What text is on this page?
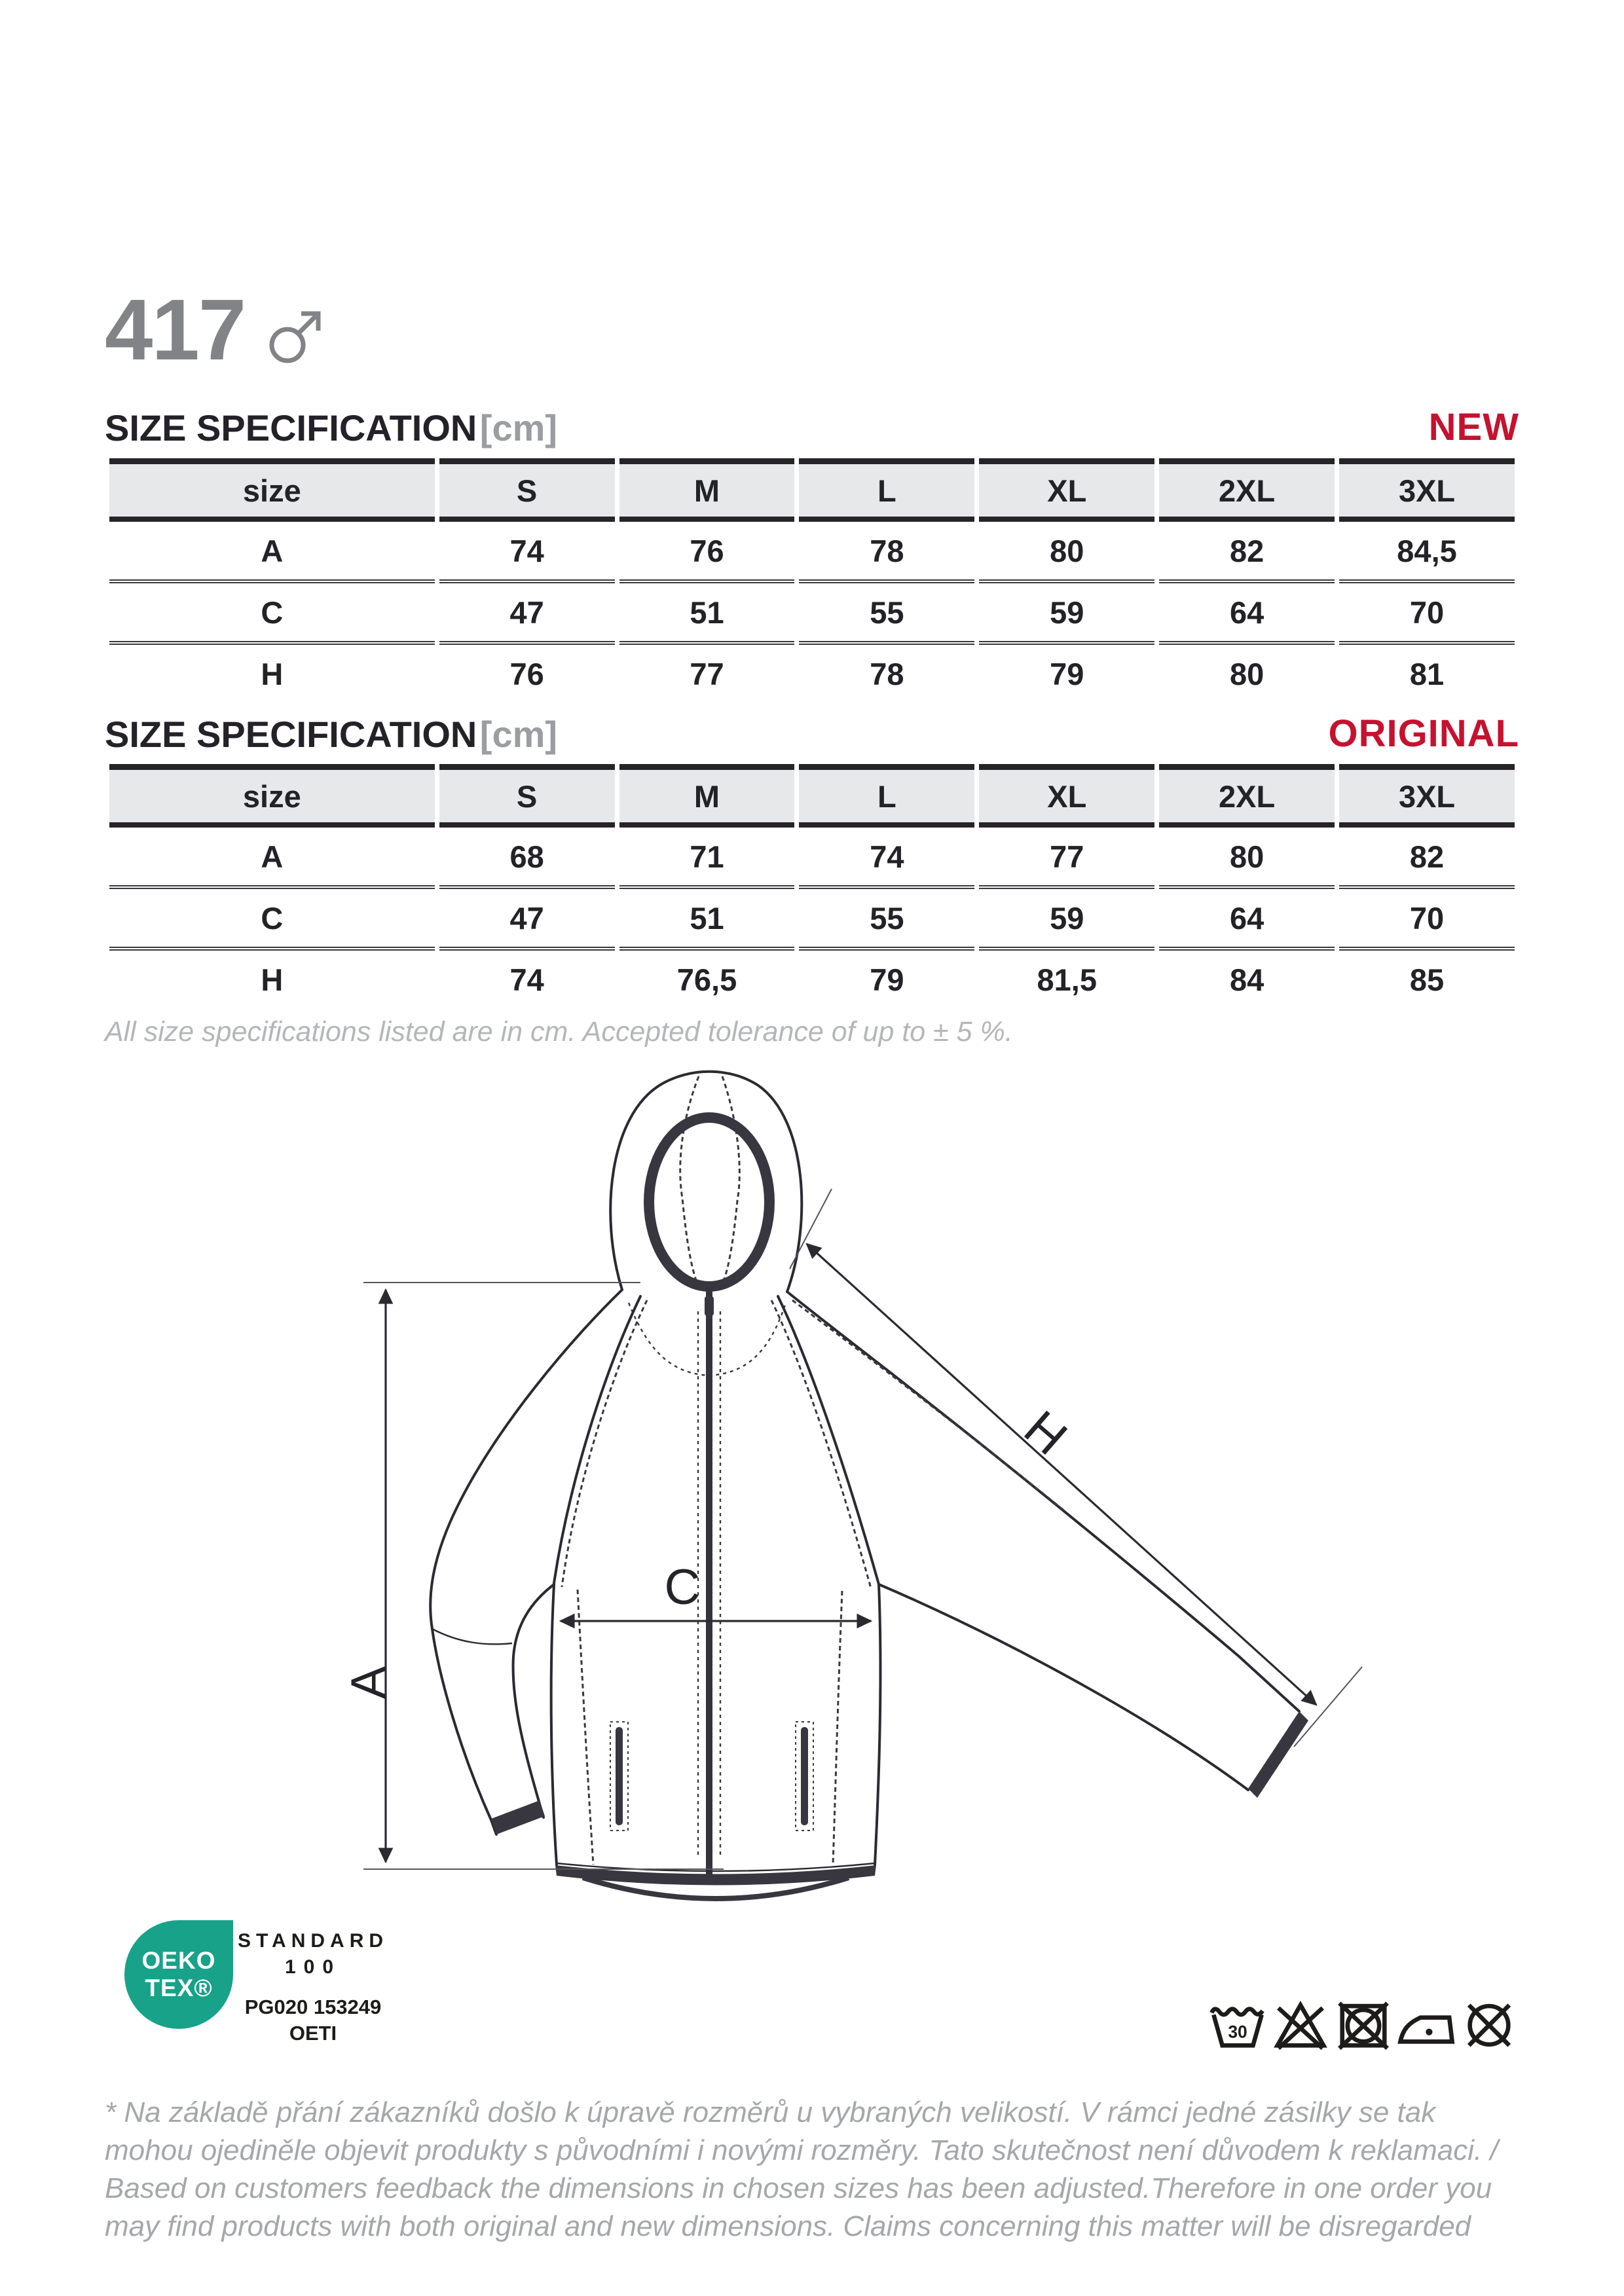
417
SIZE SPECIFICATION [cm]	NEW
size	S	M	L	XL	2XL	3XL
A	74	76	78	80	82	84,5
C	47	51	55	59	64	70
H	76	77	78	79	80	81
SIZE SPECIFICATION [cm]	ORIGINAL
size	S	M	L	XL	2XL	3XL
A	68	71	74	77	80	82
C	47	51	55	59	64	70
H	74	76,5	79	81,5	84	85
All size specifications listed are in cm. Accepted tolerance of up to ± 5 %.
A
C
H
OEKO
TEX®
STANDARD
100
PG020 153249
OETI	30
* Na základě přání zákazníků došlo k úpravě rozměrů u vybraných velikostí. V rámci jedné zásilky se tak mohou ojediněle objevit produkty s původními i novými rozměry. Tato skutečnost není důvodem k reklamaci. / Based on customers feedback the dimensions in chosen sizes has been adjusted.Therefore in one order you may find products with both original and new dimensions. Claims concerning this matter will be disregarded
